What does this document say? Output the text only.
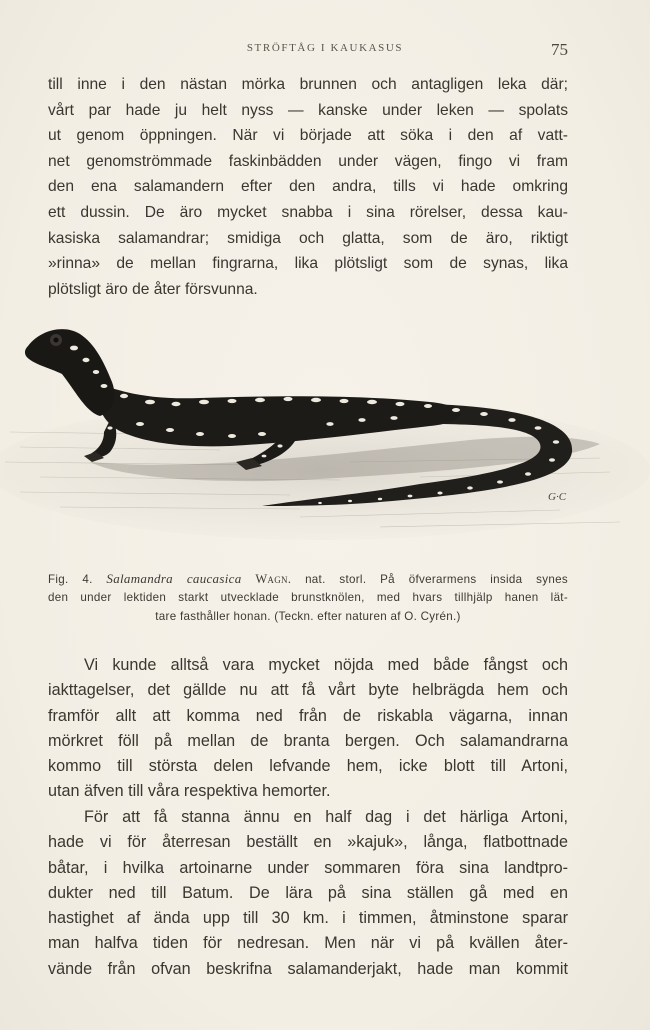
STRÖFTÅG I KAUKASUS	75
till inne i den nästan mörka brunnen och antagligen leka där;
vårt par hade ju helt nyss — kanske under leken — spolats
ut genom öppningen. När vi började att söka i den af vatt-
net genomströmmade faskinbädden under vägen, fingo vi fram
den ena salamandern efter den andra, tills vi hade omkring
ett dussin. De äro mycket snabba i sina rörelser, dessa kau-
kasiska salamandrar; smidiga och glatta, som de äro, riktigt
»rinna» de mellan fingrarna, lika plötsligt som de synas, lika
plötsligt äro de åter försvunna.
G·C
Fig. 4. Salamandra caucasica Wagn. nat. storl. På öfverarmens insida synes
den under lektiden starkt utvecklade brunstknölen, med hvars tillhjälp hanen lät-
tare fasthåller honan. (Teckn. efter naturen af O. Cyrén.)
Vi kunde alltså vara mycket nöjda med både fångst och
iakttagelser, det gällde nu att få vårt byte helbrägda hem och
framför allt att komma ned från de riskabla vägarna, innan
mörkret föll på mellan de branta bergen. Och salamandrarna
kommo till största delen lefvande hem, icke blott till Artoni,
utan äfven till våra respektiva hemorter.
För att få stanna ännu en half dag i det härliga Artoni,
hade vi för återresan beställt en »kajuk», långa, flatbottnade
båtar, i hvilka artoinarne under sommaren föra sina landtpro-
dukter ned till Batum. De lära på sina ställen gå med en
hastighet af ända upp till 30 km. i timmen, åtminstone sparar
man halfva tiden för nedresan. Men när vi på kvällen åter-
vände från ofvan beskrifna salamanderjakt, hade man kommit
